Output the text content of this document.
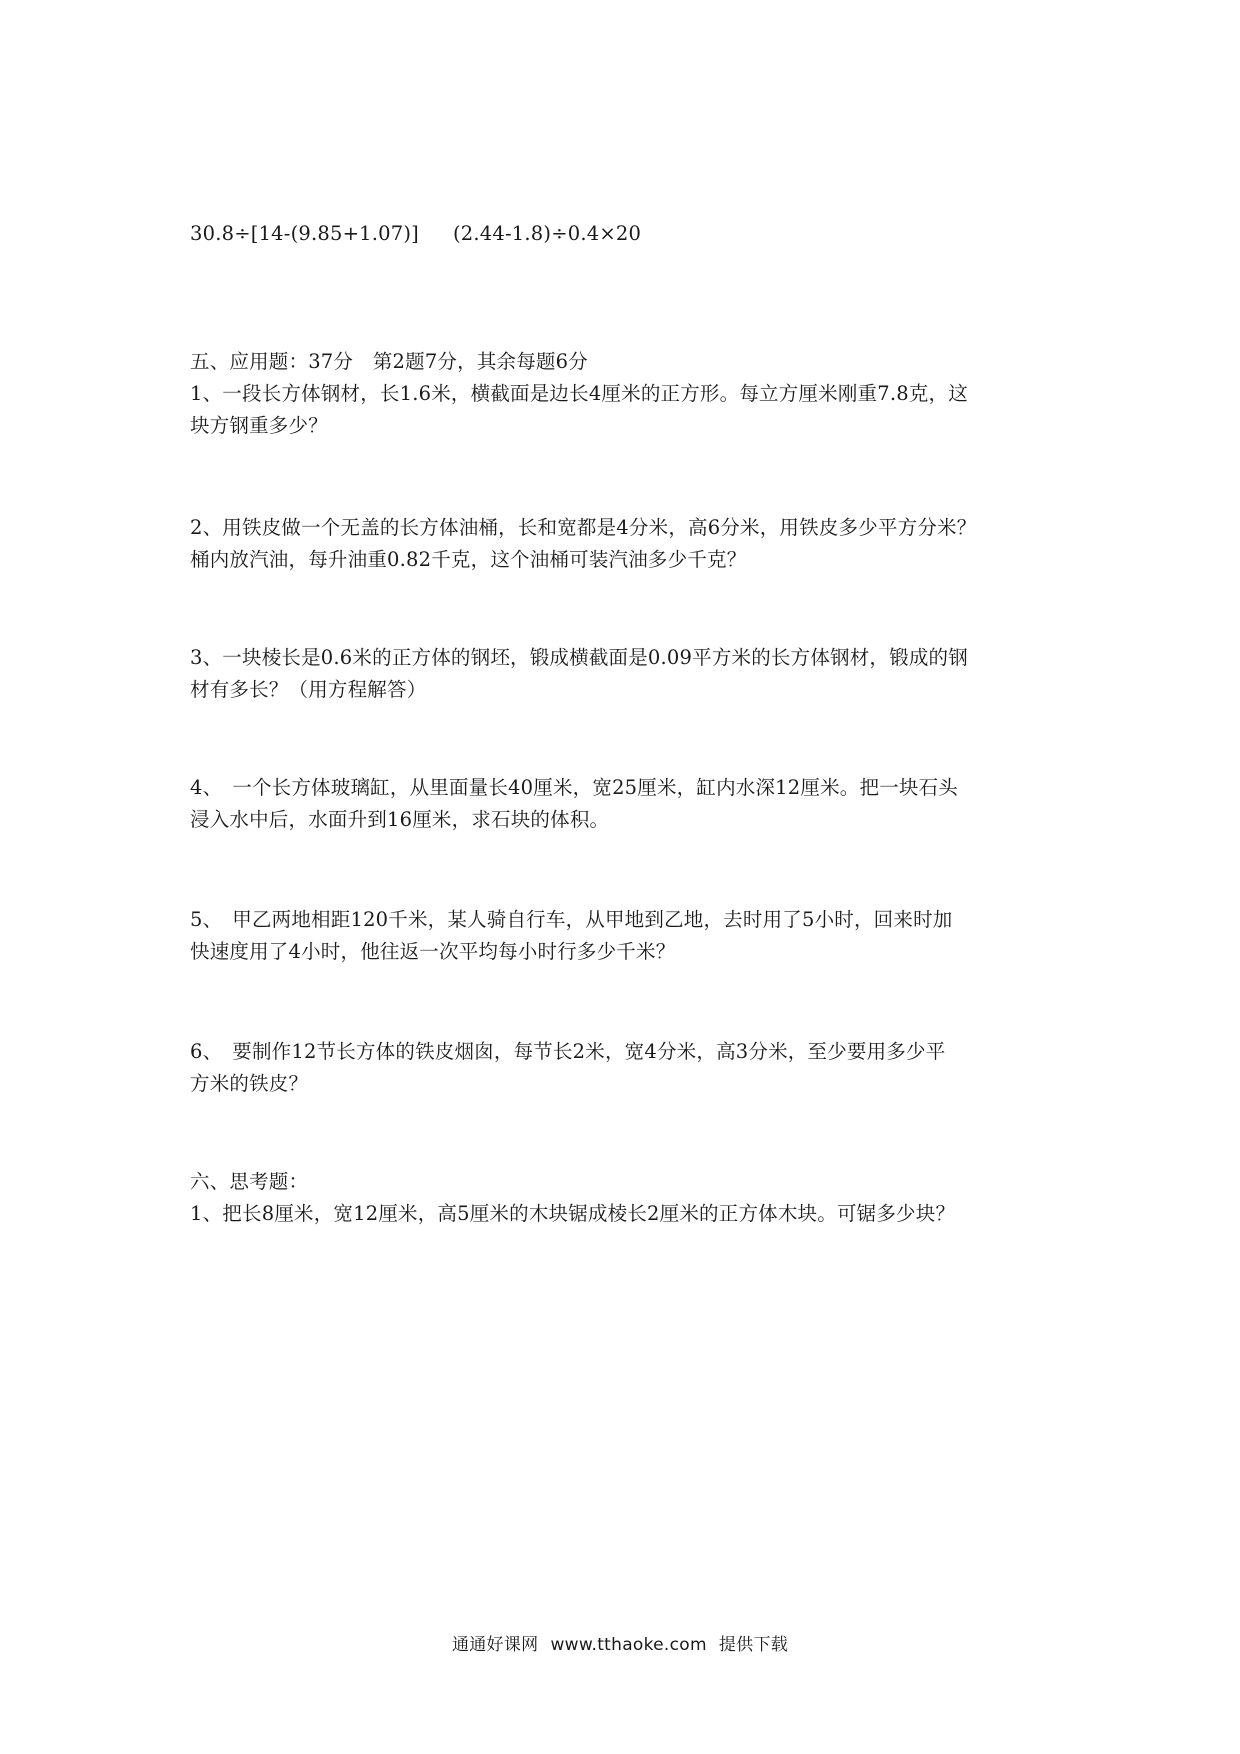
30.8÷[14-(9.85+1.07)] (2.44-1.8)÷0.4×20
五、应用题：37分　第2题7分，其余每题6分
1、一段长方体钢材，长1.6米，横截面是边长4厘米的正方形。每立方厘米刚重7.8克，这
块方钢重多少？
2、用铁皮做一个无盖的长方体油桶，长和宽都是4分米，高6分米，用铁皮多少平方分米？
桶内放汽油，每升油重0.82千克，这个油桶可装汽油多少千克？
3、一块棱长是0.6米的正方体的钢坯，锻成横截面是0.09平方米的长方体钢材，锻成的钢
材有多长？（用方程解答）
4、　一个长方体玻璃缸，从里面量长40厘米，宽25厘米，缸内水深12厘米。把一块石头
浸入水中后，水面升到16厘米，求石块的体积。
5、　甲乙两地相距120千米，某人骑自行车，从甲地到乙地，去时用了5小时，回来时加
快速度用了4小时，他往返一次平均每小时行多少千米？
6、　要制作12节长方体的铁皮烟囱，每节长2米，宽4分米，高3分米，至少要用多少平
方米的铁皮？
六、思考题：
1、把长8厘米，宽12厘米，高5厘米的木块锯成棱长2厘米的正方体木块。可锯多少块？
通通好课网 www.tthaoke.com 提供下载
